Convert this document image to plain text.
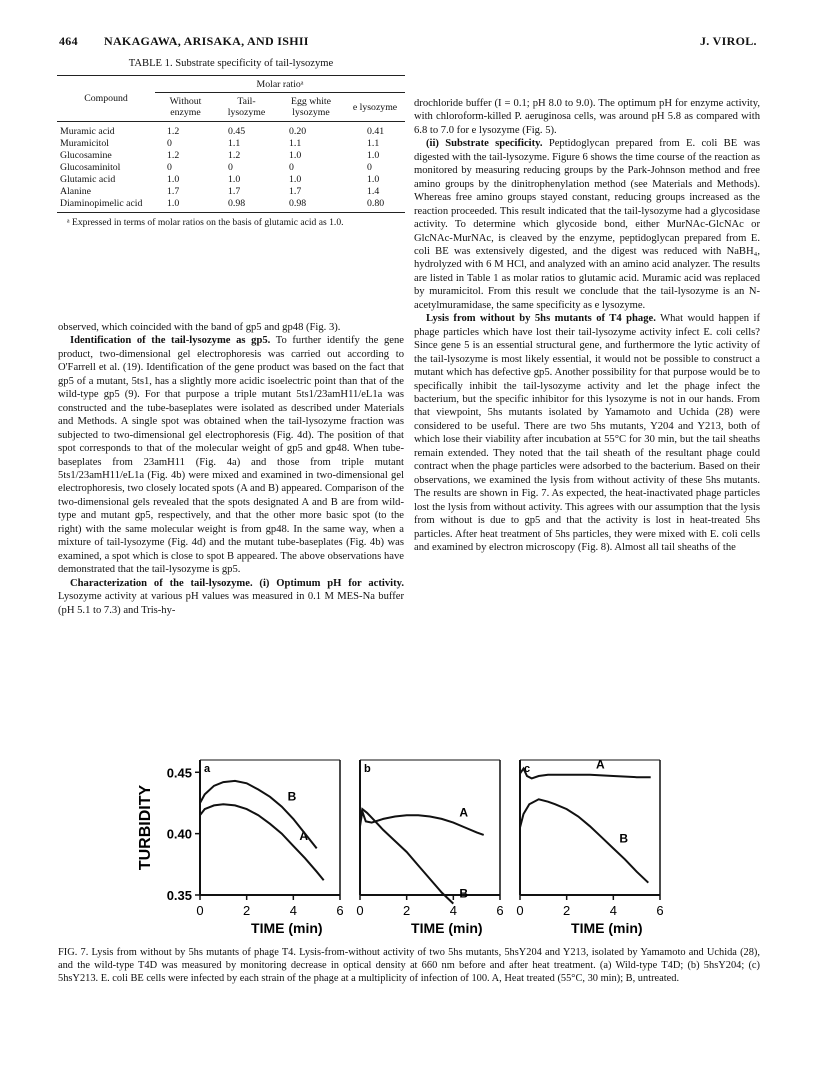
464 NAKAGAWA, ARISAKA, AND ISHII	J. VIROL.
TABLE 1. Substrate specificity of tail-lysozyme
Compound	Molar ratioᵃ			
	Without enzyme	Tail-lysozyme	Egg white lysozyme	e lysozyme
Muramic acid	1.2	0.45	0.20	0.41
Muramicitol	0	1.1	1.1	1.1
Glucosamine	1.2	1.2	1.0	1.0
Glucosaminitol	0	0	0	0
Glutamic acid	1.0	1.0	1.0	1.0
Alanine	1.7	1.7	1.7	1.4
Diaminopimelic acid	1.0	0.98	0.98	0.80
ᵃ Expressed in terms of molar ratios on the basis of glutamic acid as 1.0.

observed, which coincided with the band of gp5 and gp48 (Fig. 3).

Identification of the tail-lysozyme as gp5. To further identify the gene product, two-dimensional gel electrophoresis was carried out according to O'Farrell et al. (19). Identification of the gene product was based on the fact that gp5 of a mutant, 5ts1, has a slightly more acidic isoelectric point than that of the wild-type gp5 (9). For that purpose a triple mutant 5ts1/23amH11/eL1a was constructed and the tube-baseplates were isolated as described under Materials and Methods. A single spot was obtained when the tail-lysozyme fraction was subjected to two-dimensional gel electrophoresis (Fig. 4d). The position of that spot corresponds to that of the molecular weight of gp5 and gp48. When tube-baseplates from 23amH11 (Fig. 4a) and those from triple mutant 5ts1/23amH11/eL1a (Fig. 4b) were mixed and examined in two-dimensional gel electrophoresis, two closely located spots (A and B) appeared. Comparison of the two-dimensional gels revealed that the spots designated A and B are from wild-type and mutant gp5, respectively, and that the other more basic spot (to the right) with the same molecular weight is from gp48. In the same way, when a mixture of tail-lysozyme (Fig. 4d) and the mutant tube-baseplates (Fig. 4b) was examined, a spot which is close to spot B appeared. The above observations have demonstrated that the tail-lysozyme is gp5.

Characterization of the tail-lysozyme. (i) Optimum pH for activity. Lysozyme activity at various pH values was measured in 0.1 M MES-Na buffer (pH 5.1 to 7.3) and Tris-hy-

drochloride buffer (I = 0.1; pH 8.0 to 9.0). The optimum pH for enzyme activity, with chloroform-killed P. aeruginosa cells, was around pH 5.8 as compared with 6.8 to 7.0 for e lysozyme (Fig. 5).

(ii) Substrate specificity. Peptidoglycan prepared from E. coli BE was digested with the tail-lysozyme. Figure 6 shows the time course of the reaction as monitored by measuring reducing groups by the Park-Johnson method and free amino groups by the dinitrophenylation method (see Materials and Methods). Whereas free amino groups stayed constant, reducing groups increased as the reaction proceeded. This result indicated that the tail-lysozyme had a glycosidase activity. To determine which glycoside bond, either MurNAc-GlcNAc or GlcNAc-MurNAc, is cleaved by the enzyme, peptidoglycan prepared from E. coli BE was extensively digested, and the digest was reduced with NaBH₄, hydrolyzed with 6 M HCl, and analyzed with an amino acid analyzer. The results are listed in Table 1 as molar ratios to glutamic acid. Muramic acid was replaced by muramicitol. From this result we conclude that the tail-lysozyme is an N-acetylmuramidase, the same specificity as e lysozyme.

Lysis from without by 5hs mutants of T4 phage. What would happen if phage particles which have lost their tail-lysozyme activity infect E. coli cells? Since gene 5 is an essential structural gene, and furthermore the lytic activity of the tail-lysozyme is most likely essential, it would not be possible to construct a mutant which has defective gp5. Another possibility for that purpose would be to specifically inhibit the tail-lysozyme activity and let the phage infect the bacterium, but the specific inhibitor for this lysozyme is not in our hands. From that viewpoint, 5hs mutants isolated by Yamamoto and Uchida (28) were considered to be useful. There are two 5hs mutants, Y204 and Y213, both of which lose their viability after incubation at 55°C for 30 min, but the tail sheaths remain extended. They noted that the tail sheath of the resultant phage could contract when the phage particles were adsorbed to the bacterium. Based on their observations, we examined the lysis from without activity of these 5hs mutants. The results are shown in Fig. 7. As expected, the heat-inactivated phage particles lost the lysis from without activity. This agrees with our assumption that the lysis from without is due to gp5 and that the activity is lost in heat-treated 5hs particles. After heat treatment of 5hs particles, they were mixed with E. coli cells and examined by electron microscopy (Fig. 8). Almost all tail sheaths of the

a
0	2	4	6
TIME (min)
0.35
0.40
0.45
TURBIDITY	A
B
b
0	2	4	6
TIME (min)
A
B
c
0	2	4	6
TIME (min)
A
B
FIG. 7. Lysis from without by 5hs mutants of phage T4. Lysis-from-without activity of two 5hs mutants, 5hsY204 and Y213, isolated by Yamamoto and Uchida (28), and the wild-type T4D was measured by monitoring decrease in optical density at 660 nm before and after heat treatment. (a) Wild-type T4D; (b) 5hsY204; (c) 5hsY213. E. coli BE cells were infected by each strain of the phage at a multiplicity of infection of 100. A, Heat treated (55°C, 30 min); B, untreated.
